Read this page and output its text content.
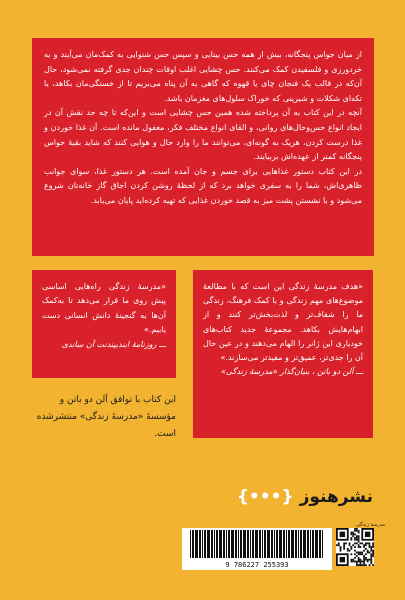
از میان حواس پنجگانه، بیش از همه حس بینایی و سپس حس شنوایی به کمک‌مان می‌آیند و به خردورزی و فلسفیدن کمک می‌کنند. حس چشایی اغلب اوقات چندان جدی گرفته نمی‌شود، حال آن‌که در قالب یک فنجان چای یا قهوه که گاهی به آن پناه می‌بریم تا از خستگی‌مان بکاهد، یا تکه‌ای شکلات و شیرینی که خوراک سلول‌های مغزمان باشد.

آنچه در این کتاب به آن پرداخته شده همین حس چشایی است و این‌که تا چه حد نقش آن در ایجاد انواع حس‌وحال‌های روانی، و القای انواع مختلف فکر، مغفول مانده است. آن غذا خوردن و غذا درست کردن، هریک به گونه‌ای، می‌توانند ما را وارد حال و هوایی کنند که شاید بقیهٔ حواس پنجگانه کمتر از عهده‌اش بربیایند.

در این کتاب دستور غذاهایی برای جسم و جان آمده است. هر دستور غذا، سوای جوانب ظاهری‌اش، شما را به سفری خواهد برد که از لحظهٔ روشن کردن اجاق گاز خانه‌تان شروع می‌شود و با نشستن پشت میز به قصد خوردن غذایی که تهیه کرده‌اید پایان می‌یابد.

«هدف مدرسهٔ زندگی این است که با مطالعهٔ موضوع‌های مهم زندگی و با کمک فرهنگ، زندگی ما را شفاف‌تر و لذت‌بخش‌تر کنند و از ابهام‌هایش بکاهد. مجموعهٔ جدید کتاب‌های خودیاری این ژانر را الهام می‌دهند و در عین حال آن را جدی‌تر، عمیق‌تر و مفیدتر می‌سازند.»

ـــ آلن دو باتن ، بنیان‌گذار «مدرسهٔ زندگی»

«مدرسهٔ زندگی راه‌هایی اساسی پیش روی ما قرار می‌دهد تا به‌کمک آن‌ها به گنجینهٔ دانش انسانی دست یابیم.»

ـــ روزنامهٔ ایندیپندنت آن ساندی

این کتاب با توافق آلن دو باتن و مؤسسهٔ «مدرسهٔ زندگی» منتشرشده است.
{•••} نشرهنوز
مدرسهٔ زندگی
9 786227 255393
